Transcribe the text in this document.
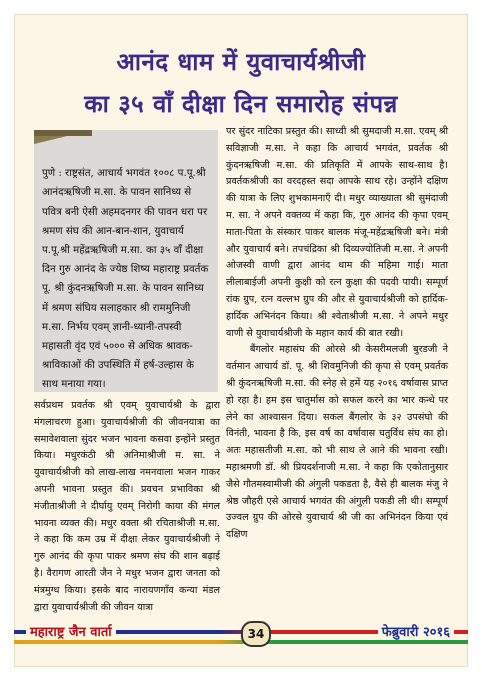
आनंद धाम में युवाचार्यश्रीजी
का ३५ वाँ दीक्षा दिन समारोह संपन्न

पुणे : राष्ट्रसंत, आचार्य भगवंत १००८ प.पू.श्री आनंदऋषिजी म.सा. के पावन सानिध्य से पवित्र बनी ऐसी अहमदनगर की पावन धरा पर श्रमण संघ की आन-बान-शान, युवाचार्य प.पू.श्री महेंद्रऋषिजी म.सा. का ३५ वाँ दीक्षा दिन गुरु आनंद के ज्येष्ठ शिष्य महाराष्ट्र प्रवर्तक पू. श्री कुंदनऋषिजी म.सा. के पावन सानिध्य में श्रमण संघिय सलाहकार श्री राममुनिजी म.सा. निर्भय एवम् ज्ञानी-ध्यानी-तपस्वी महासती वृंद एवं ५००० से अधिक श्रावक-श्राविकाओं की उपस्थिति में हर्ष-उल्हास के साथ मनाया गया।

सर्वप्रथम प्रवर्तक श्री एवम् युवाचार्यश्री के द्वारा मंगलाचरण हुआ। युवाचार्यश्रीजी की जीवनयात्रा का समावेशवाला सुंदर भजन भावना कसवा इन्होंने प्रस्तुत किया। मधुरकंठी श्री अनिमाश्रीजी म. सा. ने युवाचार्यश्रीजी को लाख-लाख नमनवाला भजन गाकर अपनी भावना प्रस्तुत की। प्रवचन प्रभाविका श्री मंजीताश्रीजी ने दीर्घायु एवम् निरोगी काया की मंगल भावना व्यक्त की। मधुर वक्ता श्री रचिताश्रीजी म.सा. ने कहा कि कम उम्र में दीक्षा लेकर युवाचार्यश्रीजी ने गुरु आनंद की कृपा पाकर श्रमण संघ की शान बढ़ाई है। वैरागण आरती जैन ने मधुर भजन द्वारा जनता को मंत्रमुग्ध किया। इसके बाद नारायणगाँव कन्या मंडल द्वारा युवाचार्यश्रीजी की जीवन यात्रा

पर सुंदर नाटिका प्रस्तुत की। साध्वी श्री सुमदाजी म.सा. एवम् श्री सविज्ञाजी म.सा. ने कहा कि आचार्य भगवंत, प्रवर्तक श्री कुंदनऋषिजी म.सा. की प्रतिकृति में आपके साथ-साथ है। प्रवर्तकश्रीजी का वरदहस्त सदा आपके साथ रहे। उन्होंने दक्षिण की यात्रा के लिए शुभकामनाएँ दी। मधुर व्याख्याता श्री सुमंदाजी म. सा. ने अपने वक्तव्य में कहा कि, गुरु आनंद की कृपा एवम् माता-पिता के संस्कार पाकर बालक मंजू-महेंद्रऋषिजी बने। मंत्री और युवाचार्य बने। तपचंद्रिका श्री दिव्यज्योतिजी म.सा. ने अपनी ओजस्वी वाणी द्वारा आनंद धाम की महिमा गाई। माता लीलाबाईजी अपनी कुक्षी को रत्न कुक्षा की पदवी पायी। सम्पूर्ण रांक ग्रुप, रत्न वल्लभ ग्रुप की और से युवाचार्यश्रीजी को हार्दिक-हार्दिक अभिनंदन किया। श्री श्वेताश्रीजी म.सा. ने अपने मधुर वाणी से युवाचार्यश्रीजी के महान कार्य की बात रखी।

बैंगलोर महासंघ की ओरसे श्री केसरीमलजी बुरडजी ने वर्तमान आचार्य डॉ. पू. श्री शिवमुनिजी की कृपा से एवम् प्रवर्तक श्री कुंदनऋषिजी म.सा. की स्नेह से हमें यह २०१६ वर्षावास प्राप्त हो रहा है। हम इस चातुर्मास को सफल करने का भार कन्धे पर लेने का आश्वासन दिया। सकल बैंगलोर के ३२ उपसंघो की विनंती, भावना है कि, इस वर्ष का वर्षावास चतुर्विध संघ का हो। अतः महासतीजी म.सा. को भी साथ ले आने की भावना रखी। महाश्रमणी डॉ. श्री प्रियदर्शनाजी म.सा. ने कहा कि एकोतानुसार जैसे गौतमस्वामीजी की अंगुली पकडता है, वैसे ही बालक मंजु ने श्रेष्ठ जौहरी एसे आचार्य भगवंत की अंगुली पकडी ली थी। सम्पूर्ण उज्वल ग्रुप की ओरसे युवाचार्य श्री जी का अभिनंदन किया एवं दक्षिण

महाराष्ट्र जैन वार्ता	34	फेब्रुवारी २०१६
